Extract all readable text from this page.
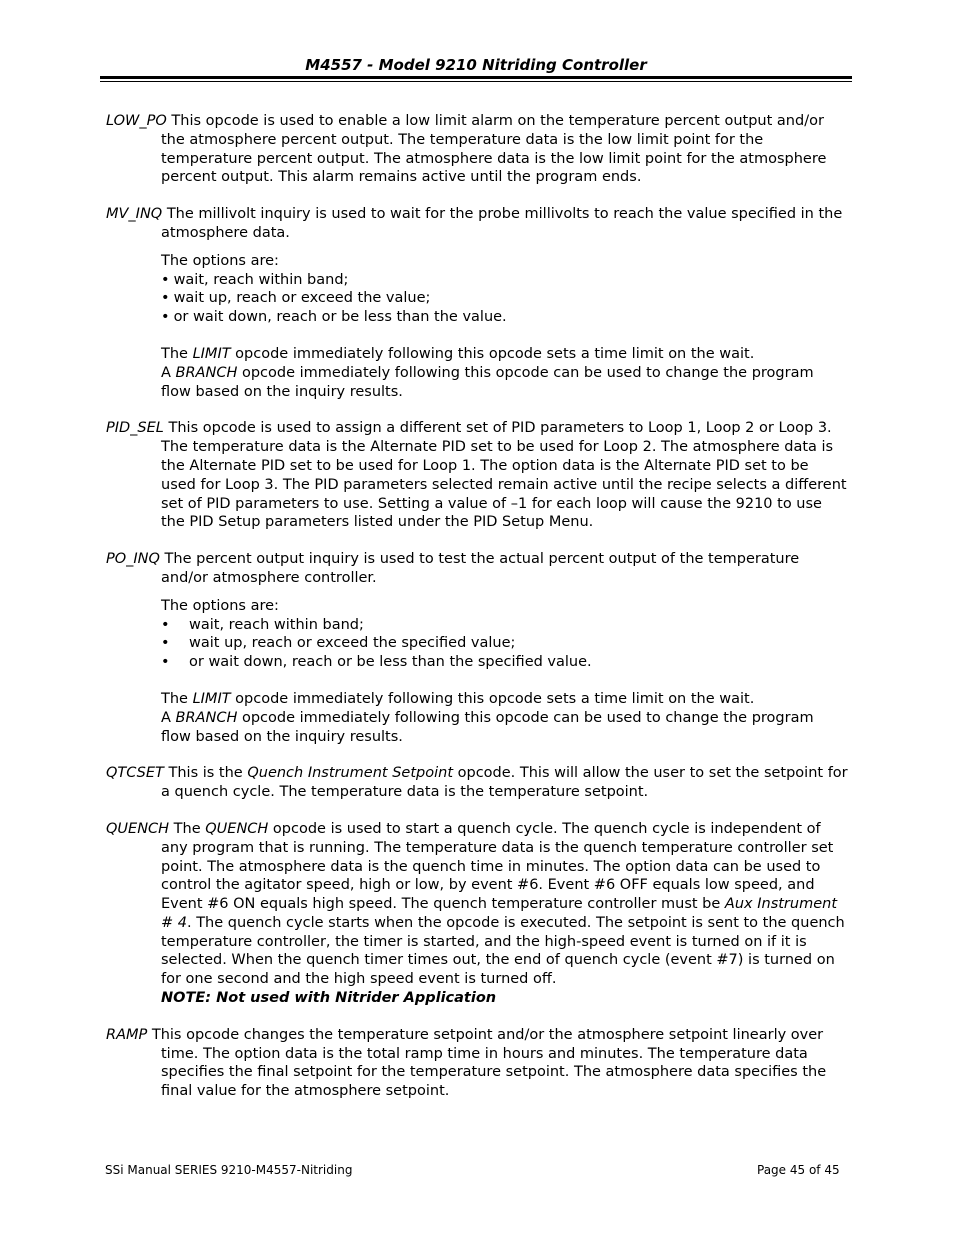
M4557 - Model 9210 Nitriding Controller

LOW_PO This opcode is used to enable a low limit alarm on the temperature percent output and/or the atmosphere percent output. The temperature data is the low limit point for the temperature percent output. The atmosphere data is the low limit point for the atmosphere percent output. This alarm remains active until the program ends.

MV_INQ The millivolt inquiry is used to wait for the probe millivolts to reach the value specified in the atmosphere data.

The options are:

• wait, reach within band;
• wait up, reach or exceed the value;
• or wait down, reach or be less than the value.

The LIMIT opcode immediately following this opcode sets a time limit on the wait.

A BRANCH opcode immediately following this opcode can be used to change the program flow based on the inquiry results.

PID_SEL This opcode is used to assign a different set of PID parameters to Loop 1, Loop 2 or Loop 3. The temperature data is the Alternate PID set to be used for Loop 2. The atmosphere data is the Alternate PID set to be used for Loop 1. The option data is the Alternate PID set to be used for Loop 3. The PID parameters selected remain active until the recipe selects a different set of PID parameters to use. Setting a value of –1 for each loop will cause the 9210 to use the PID Setup parameters listed under the PID Setup Menu.

PO_INQ The percent output inquiry is used to test the actual percent output of the temperature and/or atmosphere controller.

The options are:

• wait, reach within band;
• wait up, reach or exceed the specified value;
• or wait down, reach or be less than the specified value.

The LIMIT opcode immediately following this opcode sets a time limit on the wait.

A BRANCH opcode immediately following this opcode can be used to change the program flow based on the inquiry results.

QTCSET This is the Quench Instrument Setpoint opcode. This will allow the user to set the setpoint for a quench cycle. The temperature data is the temperature setpoint.

QUENCH The QUENCH opcode is used to start a quench cycle. The quench cycle is independent of any program that is running. The temperature data is the quench temperature controller set point. The atmosphere data is the quench time in minutes. The option data can be used to control the agitator speed, high or low, by event #6. Event #6 OFF equals low speed, and Event #6 ON equals high speed. The quench temperature controller must be Aux Instrument # 4. The quench cycle starts when the opcode is executed. The setpoint is sent to the quench temperature controller, the timer is started, and the high-speed event is turned on if it is selected. When the quench timer times out, the end of quench cycle (event #7) is turned on for one second and the high speed event is turned off.

NOTE: Not used with Nitrider Application

RAMP This opcode changes the temperature setpoint and/or the atmosphere setpoint linearly over time. The option data is the total ramp time in hours and minutes. The temperature data specifies the final setpoint for the temperature setpoint. The atmosphere data specifies the final value for the atmosphere setpoint.

SSi Manual SERIES 9210-M4557-Nitriding	Page 45 of 45
